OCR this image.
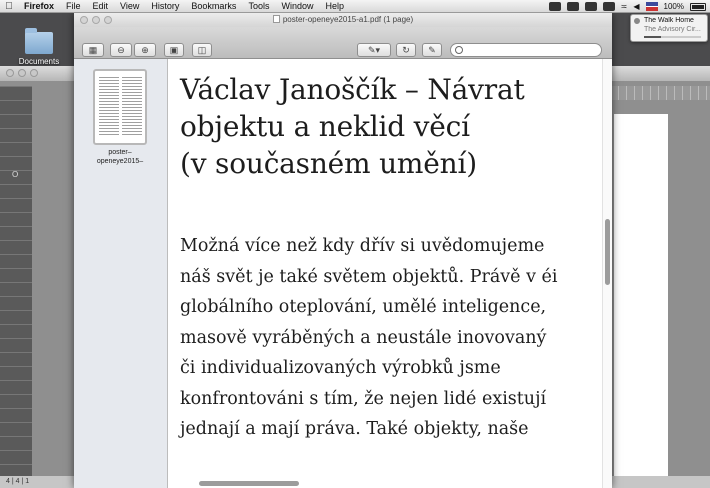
Firefox	File	Edit	View	History	Bookmarks	Tools	Window	Help	≍ ◀	100%
Documents
O
4 | 4 | 1
The Walk Home
The Advisory Cir...
poster-openeye2015-a1.pdf (1 page)
▦	⊖	⊕	▣	◫	✎▾	↻	✎
poster–
openeye2015–
Václav Janoščík – Návrat
objektu a neklid věcí
(v současném umění)
Možná více než kdy dřív si uvědomujeme
náš svět je také světem objektů. Právě v éi
globálního oteplování, umělé inteligence,
masově vyráběných a neustále inovovaný
či individualizovaných výrobků jsme
konfrontováni s tím, že nejen lidé existují
jednají a mají práva. Také objekty, naše
